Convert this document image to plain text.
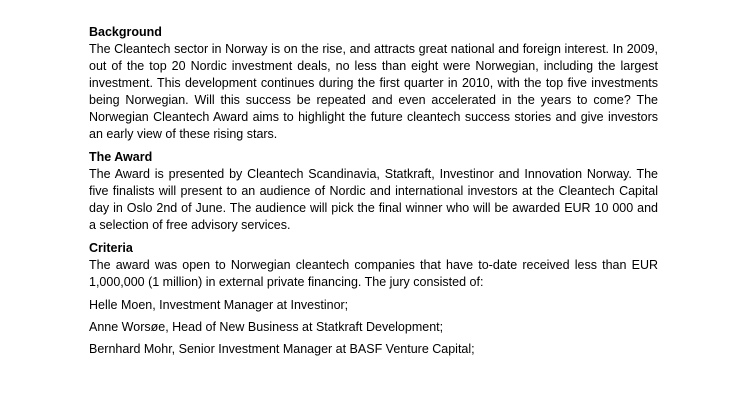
Background

The Cleantech sector in Norway is on the rise, and attracts great national and foreign interest. In 2009, out of the top 20 Nordic investment deals, no less than eight were Norwegian, including the largest investment. This development continues during the first quarter in 2010, with the top five investments being Norwegian. Will this success be repeated and even accelerated in the years to come? The Norwegian Cleantech Award aims to highlight the future cleantech success stories and give investors an early view of these rising stars.

The Award

The Award is presented by Cleantech Scandinavia, Statkraft, Investinor and Innovation Norway. The five finalists will present to an audience of Nordic and international investors at the Cleantech Capital day in Oslo 2nd of June. The audience will pick the final winner who will be awarded EUR 10 000 and a selection of free advisory services.

Criteria

The award was open to Norwegian cleantech companies that have to-date received less than EUR 1,000,000 (1 million) in external private financing. The jury consisted of:

Helle Moen, Investment Manager at Investinor;

Anne Worsøe, Head of New Business at Statkraft Development;

Bernhard Mohr, Senior Investment Manager at BASF Venture Capital;
